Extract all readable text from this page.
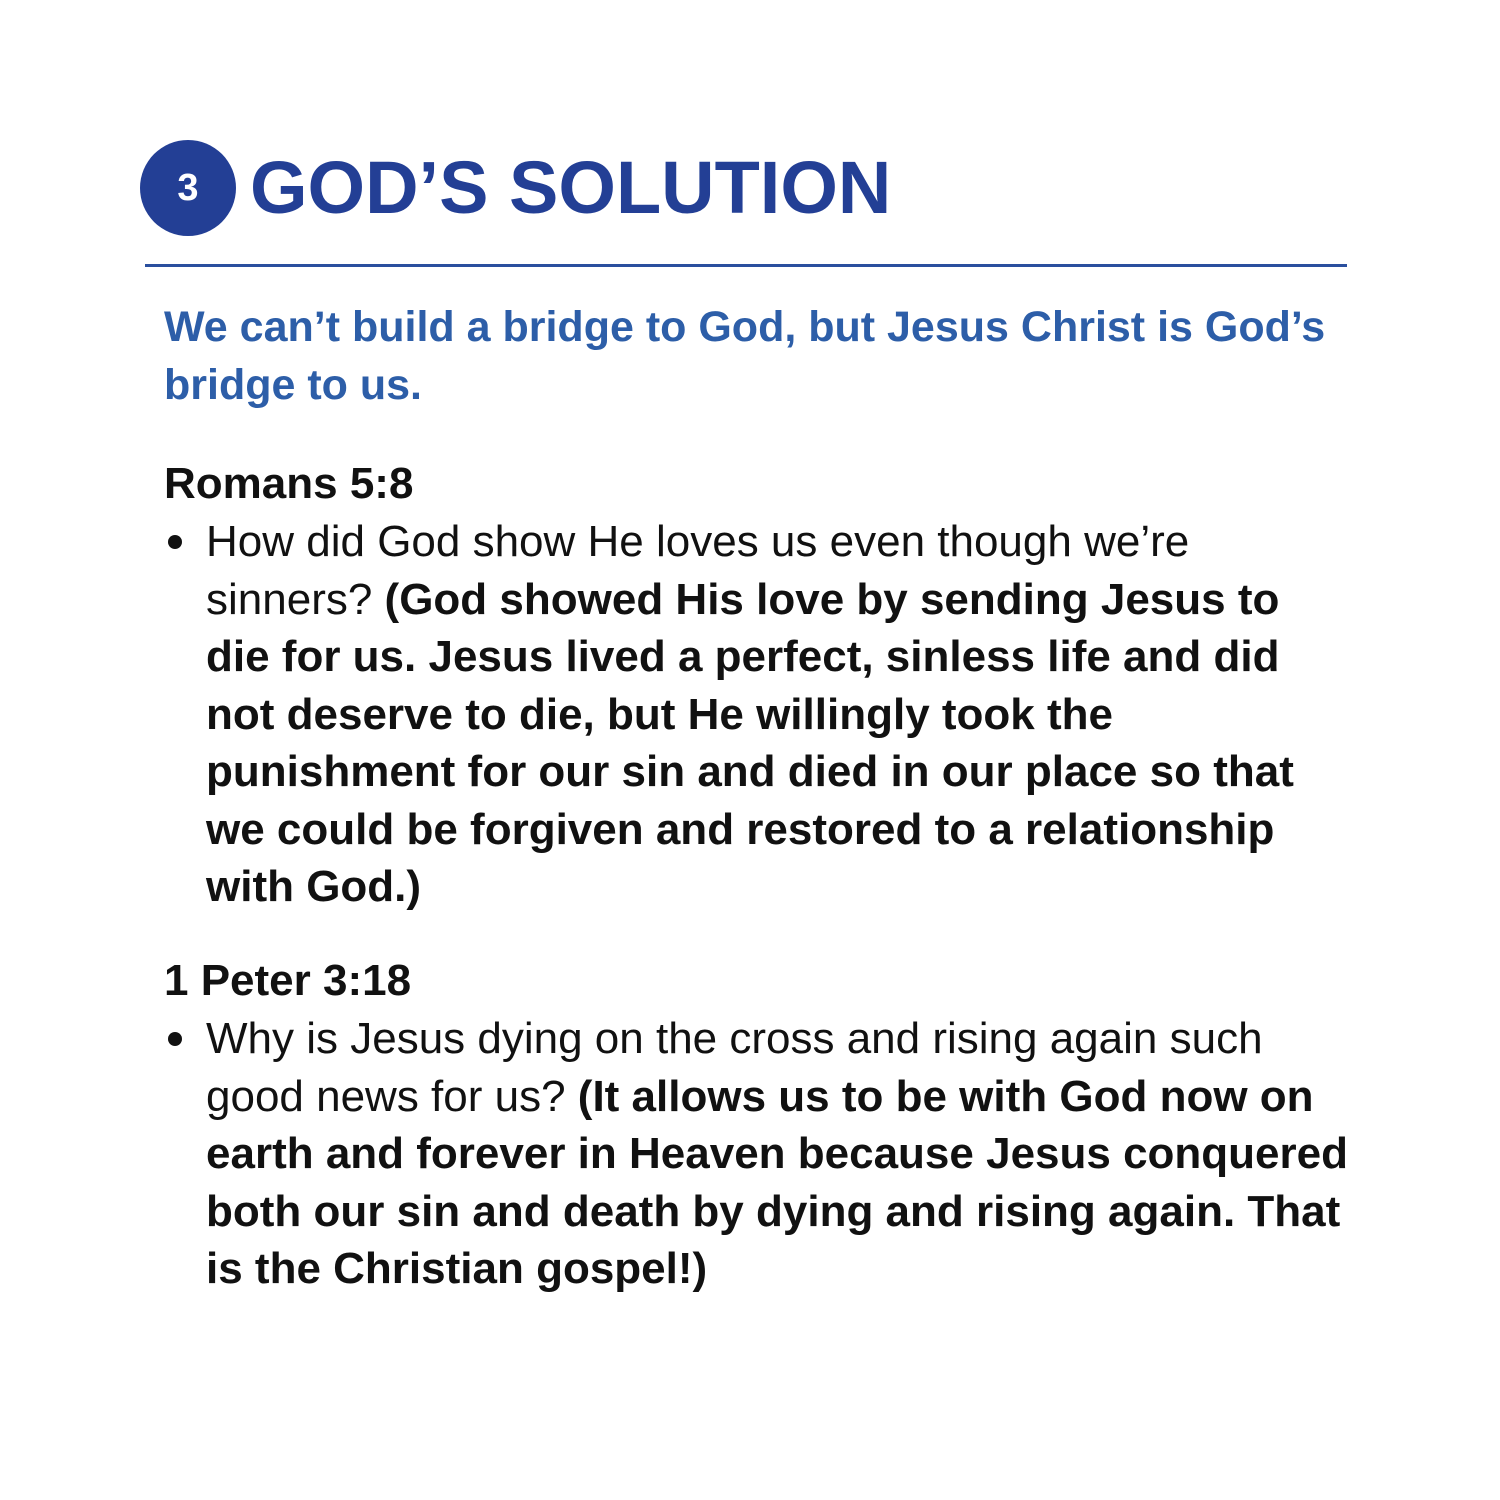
3 GOD’S SOLUTION
We can’t build a bridge to God, but Jesus Christ is God’s bridge to us.
Romans 5:8
How did God show He loves us even though we’re sinners? (God showed His love by sending Jesus to die for us. Jesus lived a perfect, sinless life and did not deserve to die, but He willingly took the punishment for our sin and died in our place so that we could be forgiven and restored to a relationship with God.)
1 Peter 3:18
Why is Jesus dying on the cross and rising again such good news for us? (It allows us to be with God now on earth and forever in Heaven because Jesus conquered both our sin and death by dying and rising again. That is the Christian gospel!)
